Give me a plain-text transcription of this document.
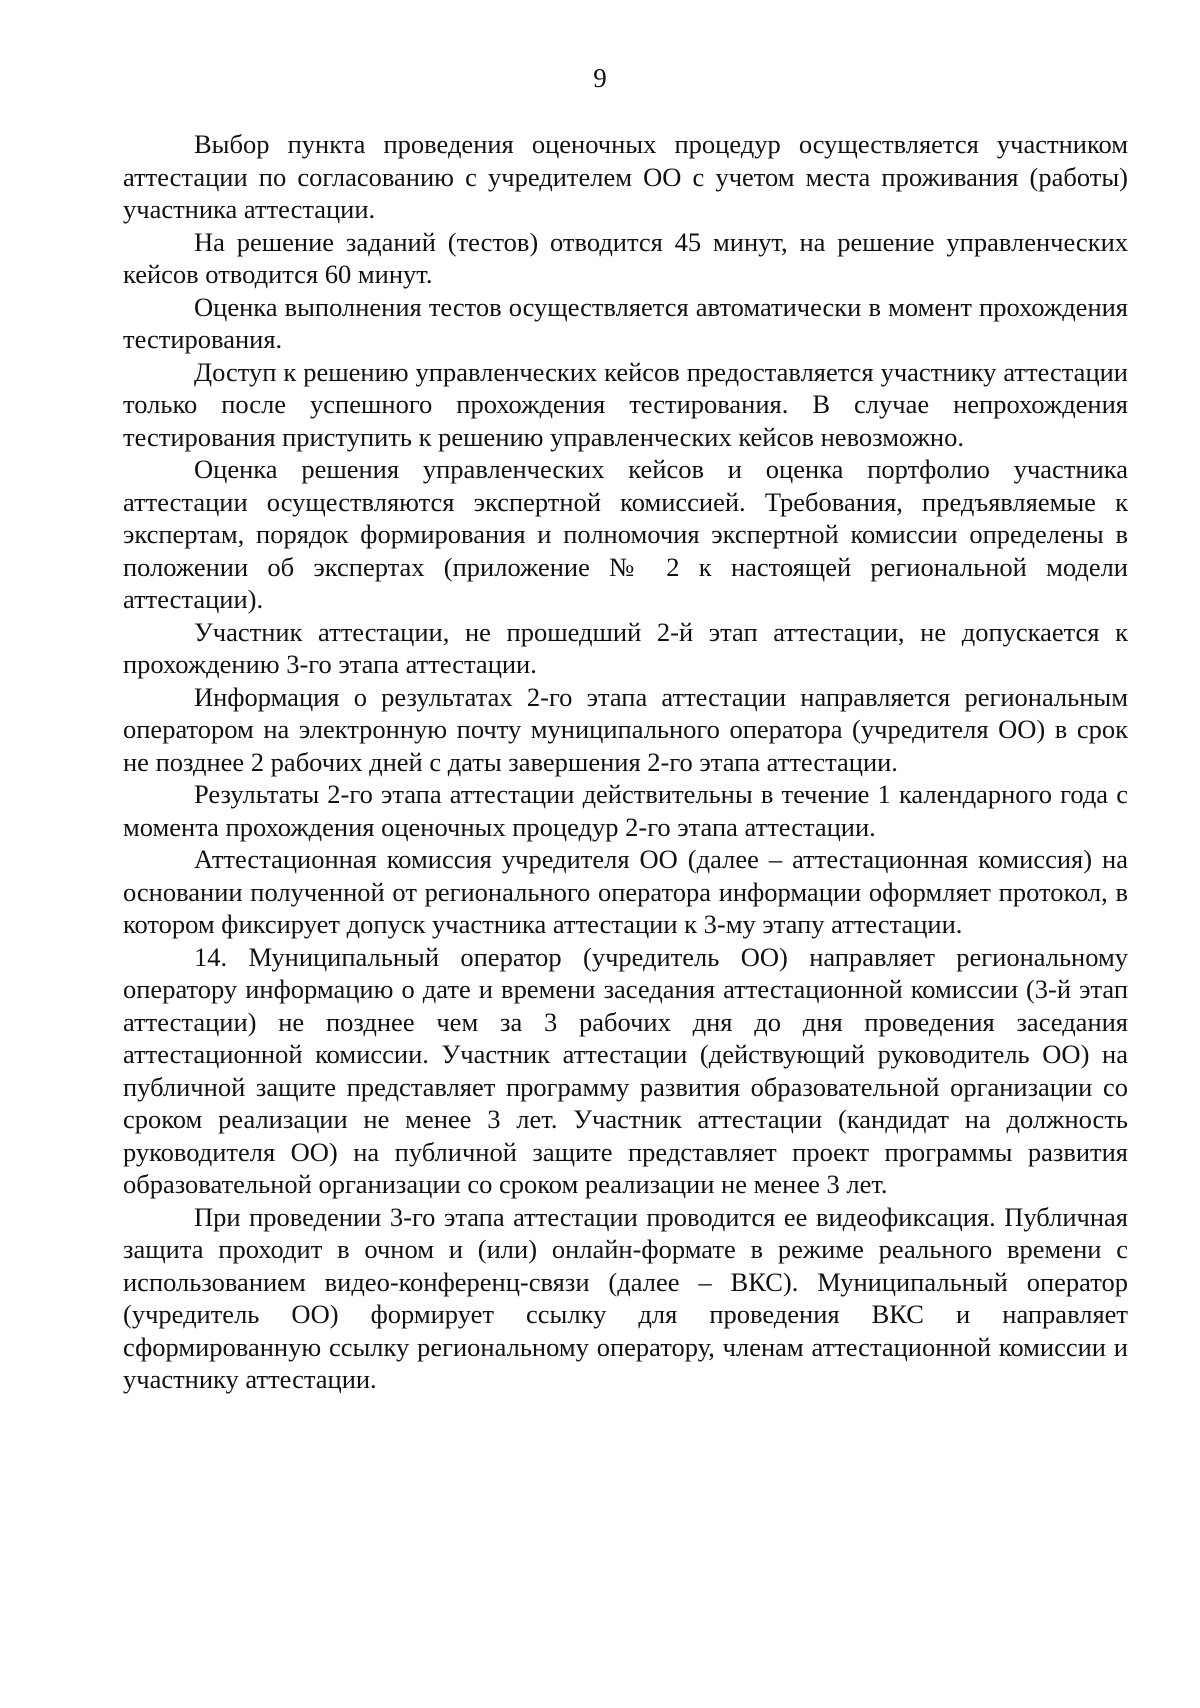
9

Выбор пункта проведения оценочных процедур осуществляется участником аттестации по согласованию с учредителем ОО с учетом места проживания (работы) участника аттестации.

На решение заданий (тестов) отводится 45 минут, на решение управленческих кейсов отводится 60 минут.

Оценка выполнения тестов осуществляется автоматически в момент прохождения тестирования.

Доступ к решению управленческих кейсов предоставляется участнику аттестации только после успешного прохождения тестирования. В случае непрохождения тестирования приступить к решению управленческих кейсов невозможно.

Оценка решения управленческих кейсов и оценка портфолио участника аттестации осуществляются экспертной комиссией. Требования, предъявляемые к экспертам, порядок формирования и полномочия экспертной комиссии определены в положении об экспертах (приложение № 2 к настоящей региональной модели аттестации).

Участник аттестации, не прошедший 2-й этап аттестации, не допускается к прохождению 3-го этапа аттестации.

Информация о результатах 2-го этапа аттестации направляется региональным оператором на электронную почту муниципального оператора (учредителя ОО) в срок не позднее 2 рабочих дней с даты завершения 2-го этапа аттестации.

Результаты 2-го этапа аттестации действительны в течение 1 календарного года с момента прохождения оценочных процедур 2-го этапа аттестации.

Аттестационная комиссия учредителя ОО (далее – аттестационная комиссия) на основании полученной от регионального оператора информации оформляет протокол, в котором фиксирует допуск участника аттестации к 3-му этапу аттестации.

14. Муниципальный оператор (учредитель ОО) направляет региональному оператору информацию о дате и времени заседания аттестационной комиссии (3-й этап аттестации) не позднее чем за 3 рабочих дня до дня проведения заседания аттестационной комиссии. Участник аттестации (действующий руководитель ОО) на публичной защите представляет программу развития образовательной организации со сроком реализации не менее 3 лет. Участник аттестации (кандидат на должность руководителя ОО) на публичной защите представляет проект программы развития образовательной организации со сроком реализации не менее 3 лет.

При проведении 3-го этапа аттестации проводится ее видеофиксация. Публичная защита проходит в очном и (или) онлайн-формате в режиме реального времени с использованием видео-конференц-связи (далее – ВКС). Муниципальный оператор (учредитель ОО) формирует ссылку для проведения ВКС и направляет сформированную ссылку региональному оператору, членам аттестационной комиссии и участнику аттестации.
